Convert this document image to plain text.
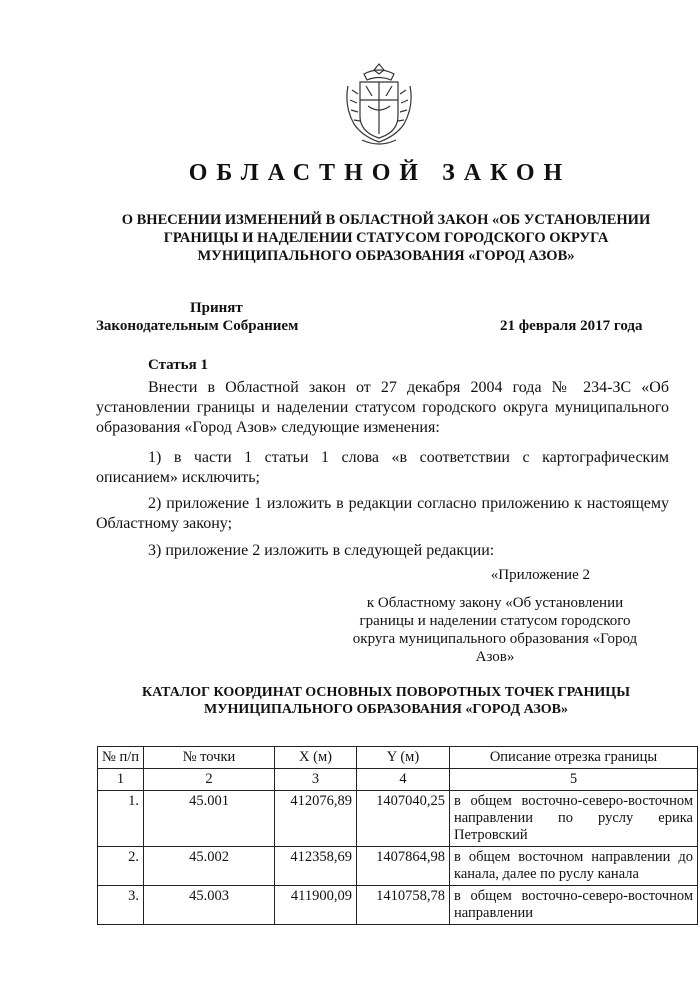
ОБЛАСТНОЙ ЗАКОН
О ВНЕСЕНИИ ИЗМЕНЕНИЙ В ОБЛАСТНОЙ ЗАКОН «ОБ УСТАНОВЛЕНИИ ГРАНИЦЫ И НАДЕЛЕНИИ СТАТУСОМ ГОРОДСКОГО ОКРУГА МУНИЦИПАЛЬНОГО ОБРАЗОВАНИЯ «ГОРОД АЗОВ»
Принят
Законодательным Собранием	21 февраля 2017 года
Статья 1
Внести в Областной закон от 27 декабря 2004 года № 234-ЗС «Об установлении границы и наделении статусом городского округа муниципального образования «Город Азов» следующие изменения:
1) в части 1 статьи 1 слова «в соответствии с картографическим описанием» исключить;
2) приложение 1 изложить в редакции согласно приложению к настоящему Областному закону;
3) приложение 2 изложить в следующей редакции:
«Приложение 2
к Областному закону «Об установлении границы и наделении статусом городского округа муниципального образования «Город Азов»
КАТАЛОГ КООРДИНАТ ОСНОВНЫХ ПОВОРОТНЫХ ТОЧЕК ГРАНИЦЫ МУНИЦИПАЛЬНОГО ОБРАЗОВАНИЯ «ГОРОД АЗОВ»
№ п/п	№ точки	X (м)	Y (м)	Описание отрезка границы
1	2	3	4	5
1.	45.001	412076,89	1407040,25	в общем восточно-северо-восточном направлении по руслу ерика Петровский
2.	45.002	412358,69	1407864,98	в общем восточном направлении до канала, далее по руслу канала
3.	45.003	411900,09	1410758,78	в общем восточно-северо-восточном направлении
